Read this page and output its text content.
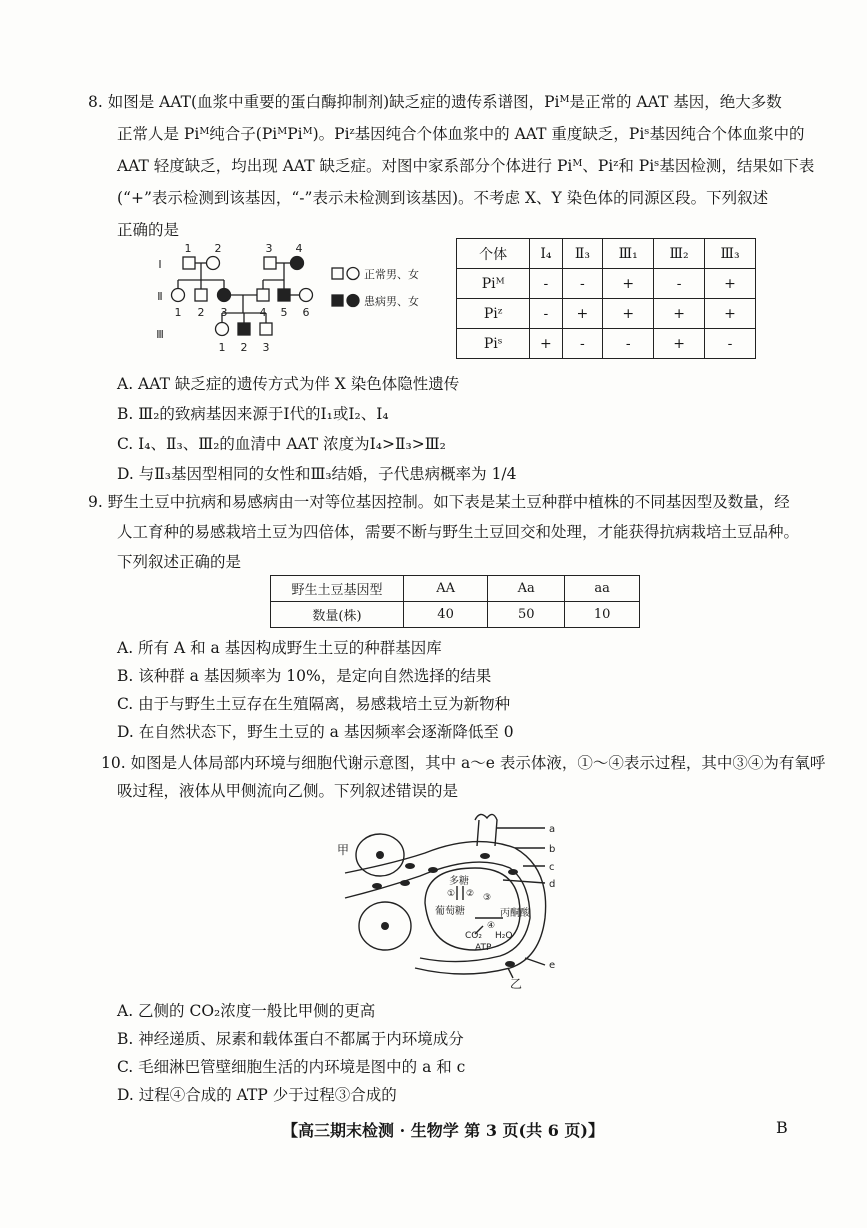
8. 如图是 AAT(血浆中重要的蛋白酶抑制剂)缺乏症的遗传系谱图，Piᴹ是正常的 AAT 基因，绝大多数
正常人是 Piᴹ纯合子(PiᴹPiᴹ)。Piᶻ基因纯合个体血浆中的 AAT 重度缺乏，Piˢ基因纯合个体血浆中的
AAT 轻度缺乏，均出现 AAT 缺乏症。对图中家系部分个体进行 Piᴹ、Piᶻ和 Piˢ基因检测，结果如下表
(“+”表示检测到该基因，“-”表示未检测到该基因)。不考虑 X、Y 染色体的同源区段。下列叙述
正确的是
Ⅰ
Ⅱ
Ⅲ
1 2	3 4
1 2 3	4 5 6
1 2 3
正常男、女
患病男、女
个体	Ⅰ₄	Ⅱ₃	Ⅲ₁	Ⅲ₂	Ⅲ₃
Piᴹ	-	-	+	-	+
Piᶻ	-	+	+	+	+
Piˢ	+	-	-	+	-
A. AAT 缺乏症的遗传方式为伴 X 染色体隐性遗传
B. Ⅲ₂的致病基因来源于Ⅰ代的Ⅰ₁或Ⅰ₂、Ⅰ₄
C. Ⅰ₄、Ⅱ₃、Ⅲ₂的血清中 AAT 浓度为Ⅰ₄>Ⅱ₃>Ⅲ₂
D. 与Ⅱ₃基因型相同的女性和Ⅲ₃结婚，子代患病概率为 1/4
9. 野生土豆中抗病和易感病由一对等位基因控制。如下表是某土豆种群中植株的不同基因型及数量，经
人工育种的易感栽培土豆为四倍体，需要不断与野生土豆回交和处理，才能获得抗病栽培土豆品种。
下列叙述正确的是
野生土豆基因型	AA	Aa	aa
数量(株)	40	50	10
A. 所有 A 和 a 基因构成野生土豆的种群基因库
B. 该种群 a 基因频率为 10%，是定向自然选择的结果
C. 由于与野生土豆存在生殖隔离，易感栽培土豆为新物种
D. 在自然状态下，野生土豆的 a 基因频率会逐渐降低至 0
10. 如图是人体局部内环境与细胞代谢示意图，其中 a～e 表示体液，①～④表示过程，其中③④为有氧呼
吸过程，液体从甲侧流向乙侧。下列叙述错误的是
甲
乙
a
b
c
d
e
多糖
① ② ③
④
葡萄糖	丙酮酸
CO₂ H₂O
ATP
A. 乙侧的 CO₂浓度一般比甲侧的更高
B. 神经递质、尿素和载体蛋白不都属于内环境成分
C. 毛细淋巴管壁细胞生活的内环境是图中的 a 和 c
D. 过程④合成的 ATP 少于过程③合成的
【高三期末检测 · 生物学 第 3 页(共 6 页)】	B
